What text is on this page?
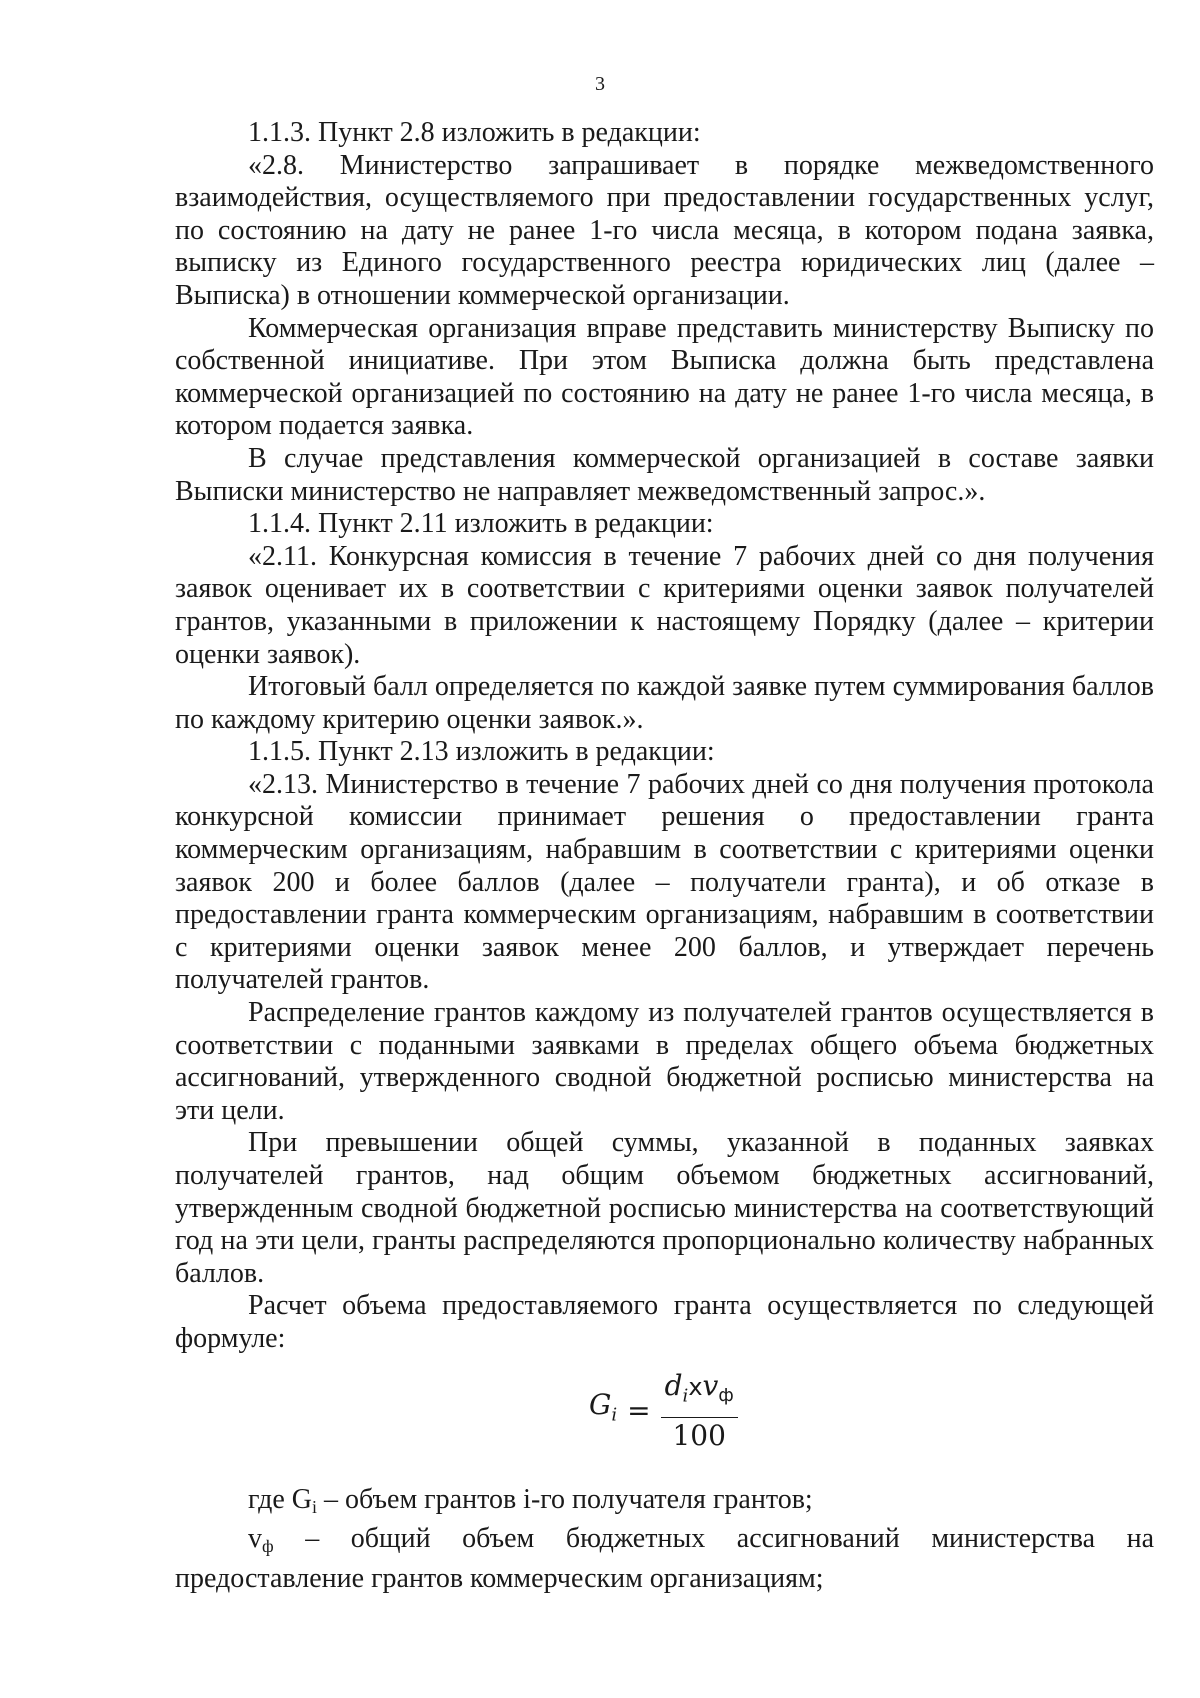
3

1.1.3. Пункт 2.8 изложить в редакции:

«2.8. Министерство запрашивает в порядке межведомственного взаимодействия, осуществляемого при предоставлении государственных услуг, по состоянию на дату не ранее 1-го числа месяца, в котором подана заявка, выписку из Единого государственного реестра юридических лиц (далее – Выписка) в отношении коммерческой организации.

Коммерческая организация вправе представить министерству Выписку по собственной инициативе. При этом Выписка должна быть представлена коммерческой организацией по состоянию на дату не ранее 1-го числа месяца, в котором подается заявка.

В случае представления коммерческой организацией в составе заявки Выписки министерство не направляет межведомственный запрос.».

1.1.4. Пункт 2.11 изложить в редакции:

«2.11. Конкурсная комиссия в течение 7 рабочих дней со дня получения заявок оценивает их в соответствии с критериями оценки заявок получателей грантов, указанными в приложении к настоящему Порядку (далее – критерии оценки заявок).

Итоговый балл определяется по каждой заявке путем суммирования баллов по каждому критерию оценки заявок.».

1.1.5. Пункт 2.13 изложить в редакции:

«2.13. Министерство в течение 7 рабочих дней со дня получения протокола конкурсной комиссии принимает решения о предоставлении гранта коммерческим организациям, набравшим в соответствии с критериями оценки заявок 200 и более баллов (далее – получатели гранта), и об отказе в предоставлении гранта коммерческим организациям, набравшим в соответствии с критериями оценки заявок менее 200 баллов, и утверждает перечень получателей грантов.

Распределение грантов каждому из получателей грантов осуществляется в соответствии с поданными заявками в пределах общего объема бюджетных ассигнований, утвержденного сводной бюджетной росписью министерства на эти цели.

При превышении общей суммы, указанной в поданных заявках получателей грантов, над общим объемом бюджетных ассигнований, утвержденным сводной бюджетной росписью министерства на соответствующий год на эти цели, гранты распределяются пропорционально количеству набранных баллов.

Расчет объема предоставляемого гранта осуществляется по следующей формуле:

$G_i = \frac{d_ixv_ф}{100}$

где $G_i$ – объем грантов i-го получателя грантов;

$v_ф$ – общий объем бюджетных ассигнований министерства на предоставление грантов коммерческим организациям;
